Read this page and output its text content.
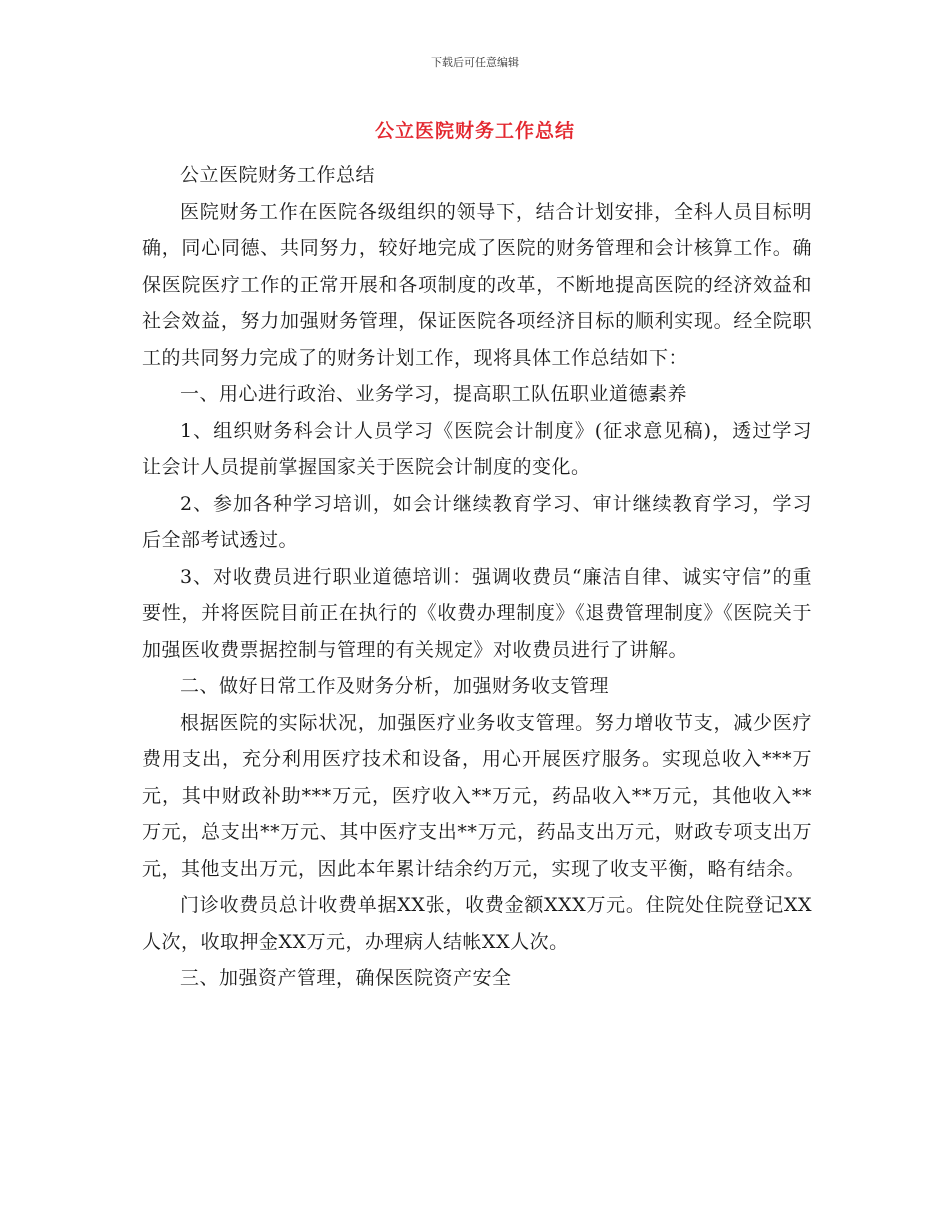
下载后可任意编辑
公立医院财务工作总结

公立医院财务工作总结

医院财务工作在医院各级组织的领导下，结合计划安排，全科人员目标明确，同心同德、共同努力，较好地完成了医院的财务管理和会计核算工作。确保医院医疗工作的正常开展和各项制度的改革，不断地提高医院的经济效益和社会效益，努力加强财务管理，保证医院各项经济目标的顺利实现。经全院职工的共同努力完成了的财务计划工作，现将具体工作总结如下：

一、用心进行政治、业务学习，提高职工队伍职业道德素养

1、组织财务科会计人员学习《医院会计制度》(征求意见稿)，透过学习让会计人员提前掌握国家关于医院会计制度的变化。

2、参加各种学习培训，如会计继续教育学习、审计继续教育学习，学习后全部考试透过。

3、对收费员进行职业道德培训：强调收费员“廉洁自律、诚实守信”的重要性，并将医院目前正在执行的《收费办理制度》《退费管理制度》《医院关于加强医收费票据控制与管理的有关规定》对收费员进行了讲解。

二、做好日常工作及财务分析，加强财务收支管理

根据医院的实际状况，加强医疗业务收支管理。努力增收节支，减少医疗费用支出，充分利用医疗技术和设备，用心开展医疗服务。实现总收入***万元，其中财政补助***万元，医疗收入**万元，药品收入**万元，其他收入**万元，总支出**万元、其中医疗支出**万元，药品支出万元，财政专项支出万元，其他支出万元，因此本年累计结余约万元，实现了收支平衡，略有结余。

门诊收费员总计收费单据XX张，收费金额XXX万元。住院处住院登记XX人次，收取押金XX万元，办理病人结帐XX人次。

三、加强资产管理，确保医院资产安全
